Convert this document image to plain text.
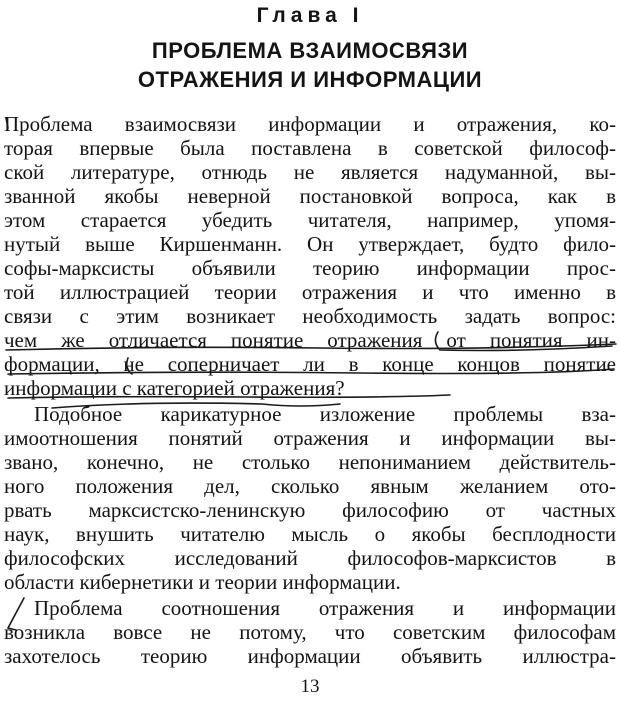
Глава I
ПРОБЛЕМА ВЗАИМОСВЯЗИ
ОТРАЖЕНИЯ И ИНФОРМАЦИИ
Проблема взаимосвязи информации и отражения, ко-
торая впервые была поставлена в советской философ-
ской литературе, отнюдь не является надуманной, вы-
званной якобы неверной постановкой вопроса, как в
этом старается убедить читателя, например, упомя-
нутый выше Киршенманн. Он утверждает, будто фило-
софы-марксисты объявили теорию информации прос-
той иллюстрацией теории отражения и что именно в
связи с этим возникает необходимость задать вопрос:
чем же отличается понятие отражения от понятия ин-
формации, не соперничает ли в конце концов понятие
информации с категорией отражения?
Подобное карикатурное изложение проблемы вза-
имоотношения понятий отражения и информации вы-
звано, конечно, не столько непониманием действитель-
ного положения дел, сколько явным желанием ото-
рвать марксистско-ленинскую философию от частных
наук, внушить читателю мысль о якобы бесплодности
философских исследований философов-марксистов в
области кибернетики и теории информации.
Проблема соотношения отражения и информации
возникла вовсе не потому, что советским философам
захотелось теорию информации объявить иллюстра-
13
